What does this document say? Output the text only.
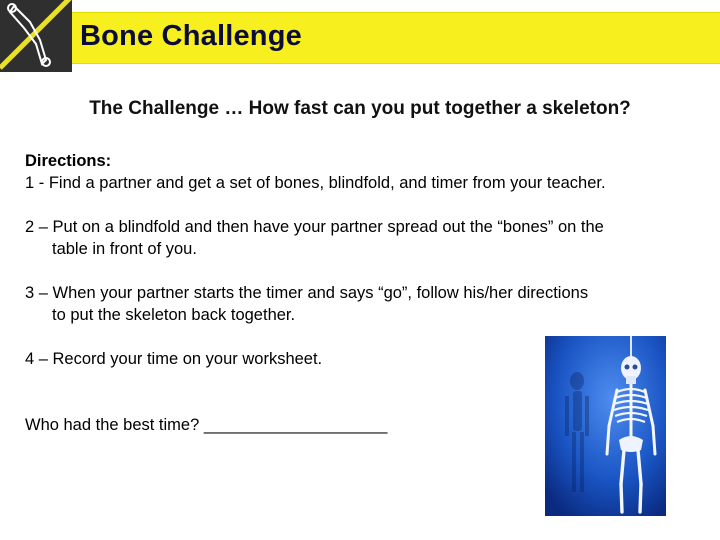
Bone Challenge
The Challenge … How fast can you put together a skeleton?
Directions:

1 - Find a partner and get a set of bones, blindfold, and timer from your teacher.

2 – Put on a blindfold and then have your partner spread out the “bones” on the
table in front of you.

3 – When your partner starts the timer and says “go”, follow his/her directions
to put the skeleton back together.

4 – Record your time on your worksheet.

Who had the best time? ____________________
